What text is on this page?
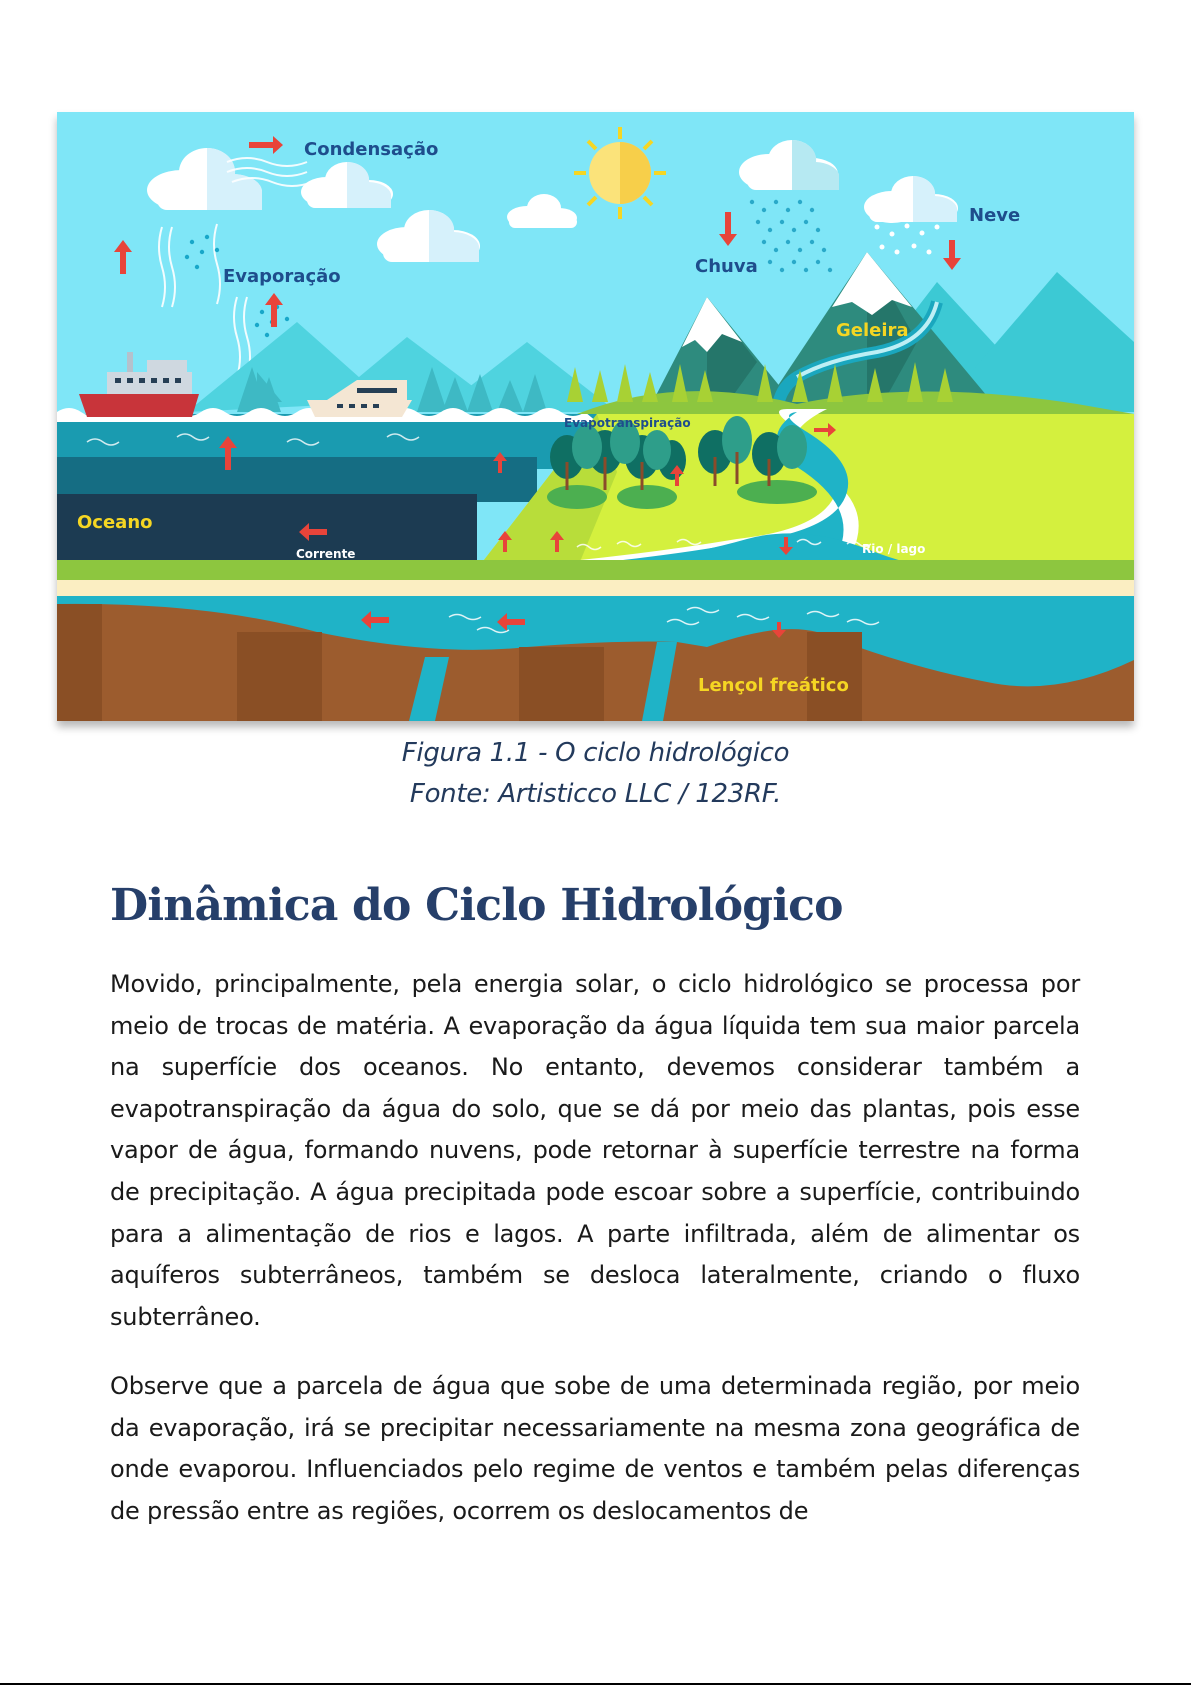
Condensação
Evaporação	Chuva
Neve
Geleira
Evapotranspiração
Oceano
Corrente	Rio / lago
Lençol freático
Figura 1.1 - O ciclo hidrológico
Fonte: Artisticco LLC / 123RF.
Dinâmica do Ciclo Hidrológico

Movido, principalmente, pela energia solar, o ciclo hidrológico se processa por meio de trocas de matéria. A evaporação da água líquida tem sua maior parcela na superfície dos oceanos. No entanto, devemos considerar também a evapotranspiração da água do solo, que se dá por meio das plantas, pois esse vapor de água, formando nuvens, pode retornar à superfície terrestre na forma de precipitação. A água precipitada pode escoar sobre a superfície, contribuindo para a alimentação de rios e lagos. A parte infiltrada, além de alimentar os aquíferos subterrâneos, também se desloca lateralmente, criando o fluxo subterrâneo.

Observe que a parcela de água que sobe de uma determinada região, por meio da evaporação, irá se precipitar necessariamente na mesma zona geográfica de onde evaporou. Influenciados pelo regime de ventos e também pelas diferenças de pressão entre as regiões, ocorrem os deslocamentos de
